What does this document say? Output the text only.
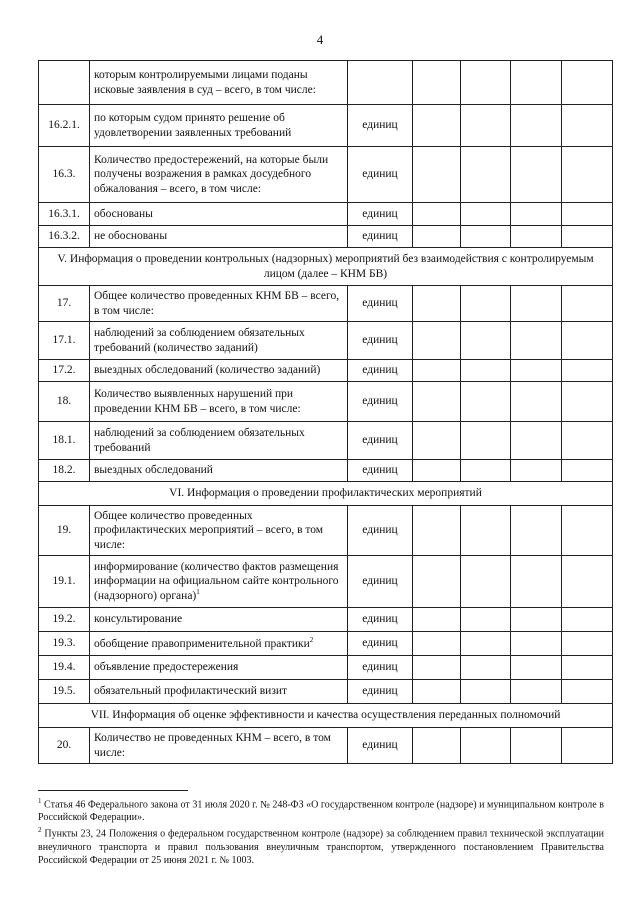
4
	которым контролируемыми лицами поданы исковые заявления в суд – всего, в том числе:					
16.2.1.	по которым судом принято решение об удовлетворении заявленных требований	единиц				
16.3.	Количество предостережений, на которые были получены возражения в рамках досудебного обжалования – всего, в том числе:	единиц				
16.3.1.	обоснованы	единиц				
16.3.2.	не обоснованы	единиц				
V. Информация о проведении контрольных (надзорных) мероприятий без взаимодействия с контролируемым лицом (далее – КНМ БВ)						
17.	Общее количество проведенных КНМ БВ – всего, в том числе:	единиц				
17.1.	наблюдений за соблюдением обязательных требований (количество заданий)	единиц				
17.2.	выездных обследований (количество заданий)	единиц				
18.	Количество выявленных нарушений при проведении КНМ БВ – всего, в том числе:	единиц				
18.1.	наблюдений за соблюдением обязательных требований	единиц				
18.2.	выездных обследований	единиц				
VI. Информация о проведении профилактических мероприятий						
19.	Общее количество проведенных профилактических мероприятий – всего, в том числе:	единиц				
19.1.	информирование (количество фактов размещения информации на официальном сайте контрольного (надзорного) органа)$^1$	единиц				
19.2.	консультирование	единиц				
19.3.	обобщение правоприменительной практики$^2$	единиц				
19.4.	объявление предостережения	единиц				
19.5.	обязательный профилактический визит	единиц				
VII. Информация об оценке эффективности и качества осуществления переданных полномочий						
20.	Количество не проведенных КНМ – всего, в том числе:	единиц				

$^1$ Статья 46 Федерального закона от 31 июля 2020 г. № 248-ФЗ «О государственном контроле (надзоре) и муниципальном контроле в Российской Федерации».

$^2$ Пункты 23, 24 Положения о федеральном государственном контроле (надзоре) за соблюдением правил технической эксплуатации внеуличного транспорта и правил пользования внеуличным транспортом, утвержденного постановлением Правительства Российской Федерации от 25 июня 2021 г. № 1003.
